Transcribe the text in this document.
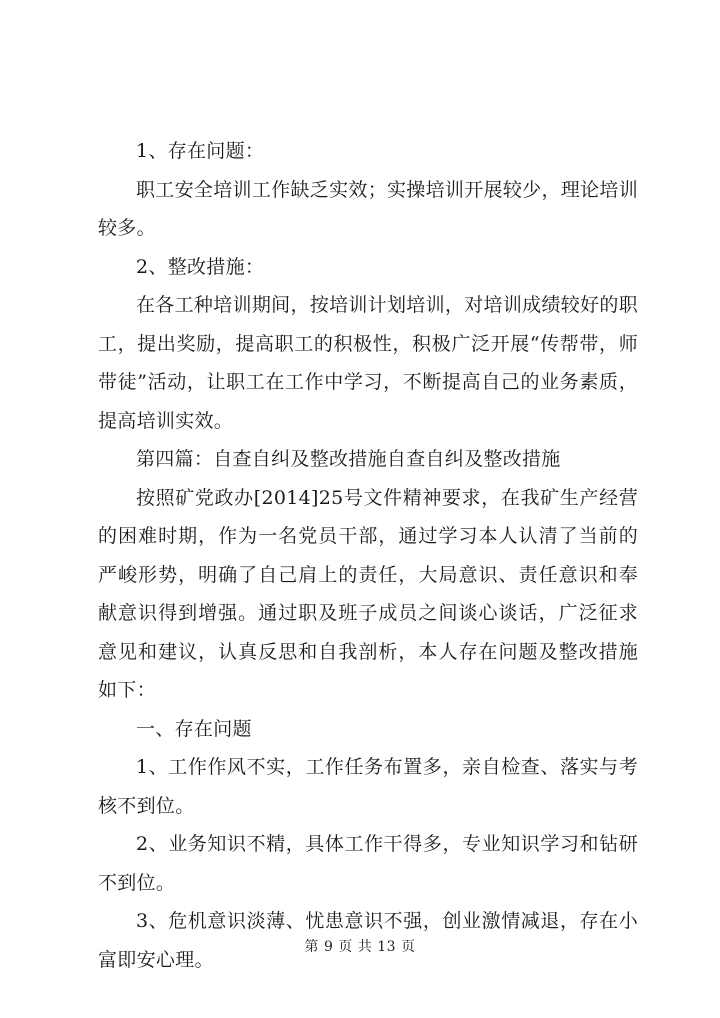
1、存在问题：

职工安全培训工作缺乏实效；实操培训开展较少，理论培训较多。

2、整改措施：

在各工种培训期间，按培训计划培训，对培训成绩较好的职工，提出奖励，提高职工的积极性，积极广泛开展“传帮带，师带徒”活动，让职工在工作中学习，不断提高自己的业务素质，提高培训实效。

第四篇：自查自纠及整改措施自查自纠及整改措施

按照矿党政办[2014]25号文件精神要求，在我矿生产经营的困难时期，作为一名党员干部，通过学习本人认清了当前的严峻形势，明确了自己肩上的责任，大局意识、责任意识和奉献意识得到增强。通过职及班子成员之间谈心谈话，广泛征求意见和建议，认真反思和自我剖析，本人存在问题及整改措施如下：

一、存在问题

1、工作作风不实，工作任务布置多，亲自检查、落实与考核不到位。

2、业务知识不精，具体工作干得多，专业知识学习和钻研不到位。

3、危机意识淡薄、忧患意识不强，创业激情减退，存在小富即安心理。

第 9 页 共 13 页
